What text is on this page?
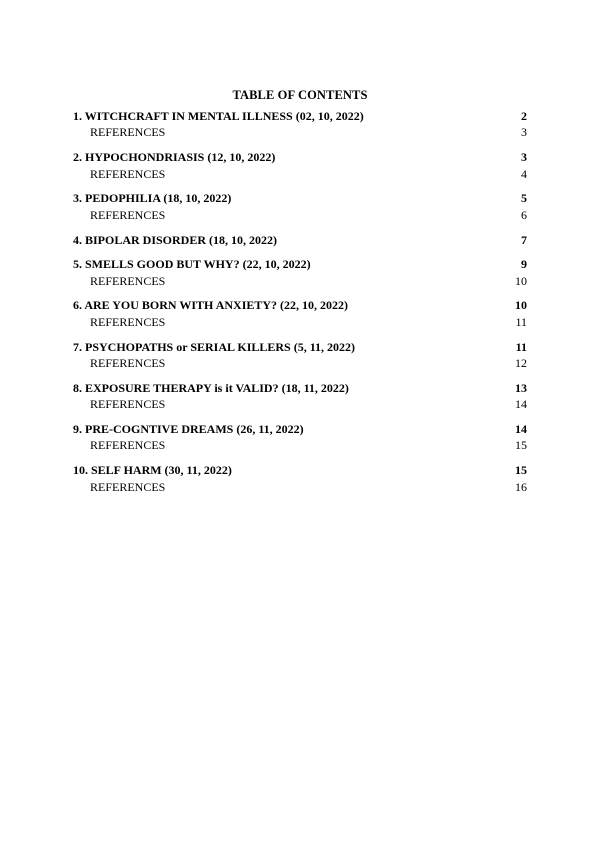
TABLE OF CONTENTS
1. WITCHCRAFT IN MENTAL ILLNESS (02, 10, 2022)	2
REFERENCES	3
2. HYPOCHONDRIASIS (12, 10, 2022)	3
REFERENCES	4
3. PEDOPHILIA (18, 10, 2022)	5
REFERENCES	6
4. BIPOLAR DISORDER (18, 10, 2022)	7
5. SMELLS GOOD BUT WHY? (22, 10, 2022)	9
REFERENCES	10
6. ARE YOU BORN WITH ANXIETY? (22, 10, 2022)	10
REFERENCES	11
7. PSYCHOPATHS or SERIAL KILLERS (5, 11, 2022)	11
REFERENCES	12
8. EXPOSURE THERAPY is it VALID? (18, 11, 2022)	13
REFERENCES	14
9. PRE-COGNTIVE DREAMS (26, 11, 2022)	14
REFERENCES	15
10. SELF HARM (30, 11, 2022)	15
REFERENCES	16
